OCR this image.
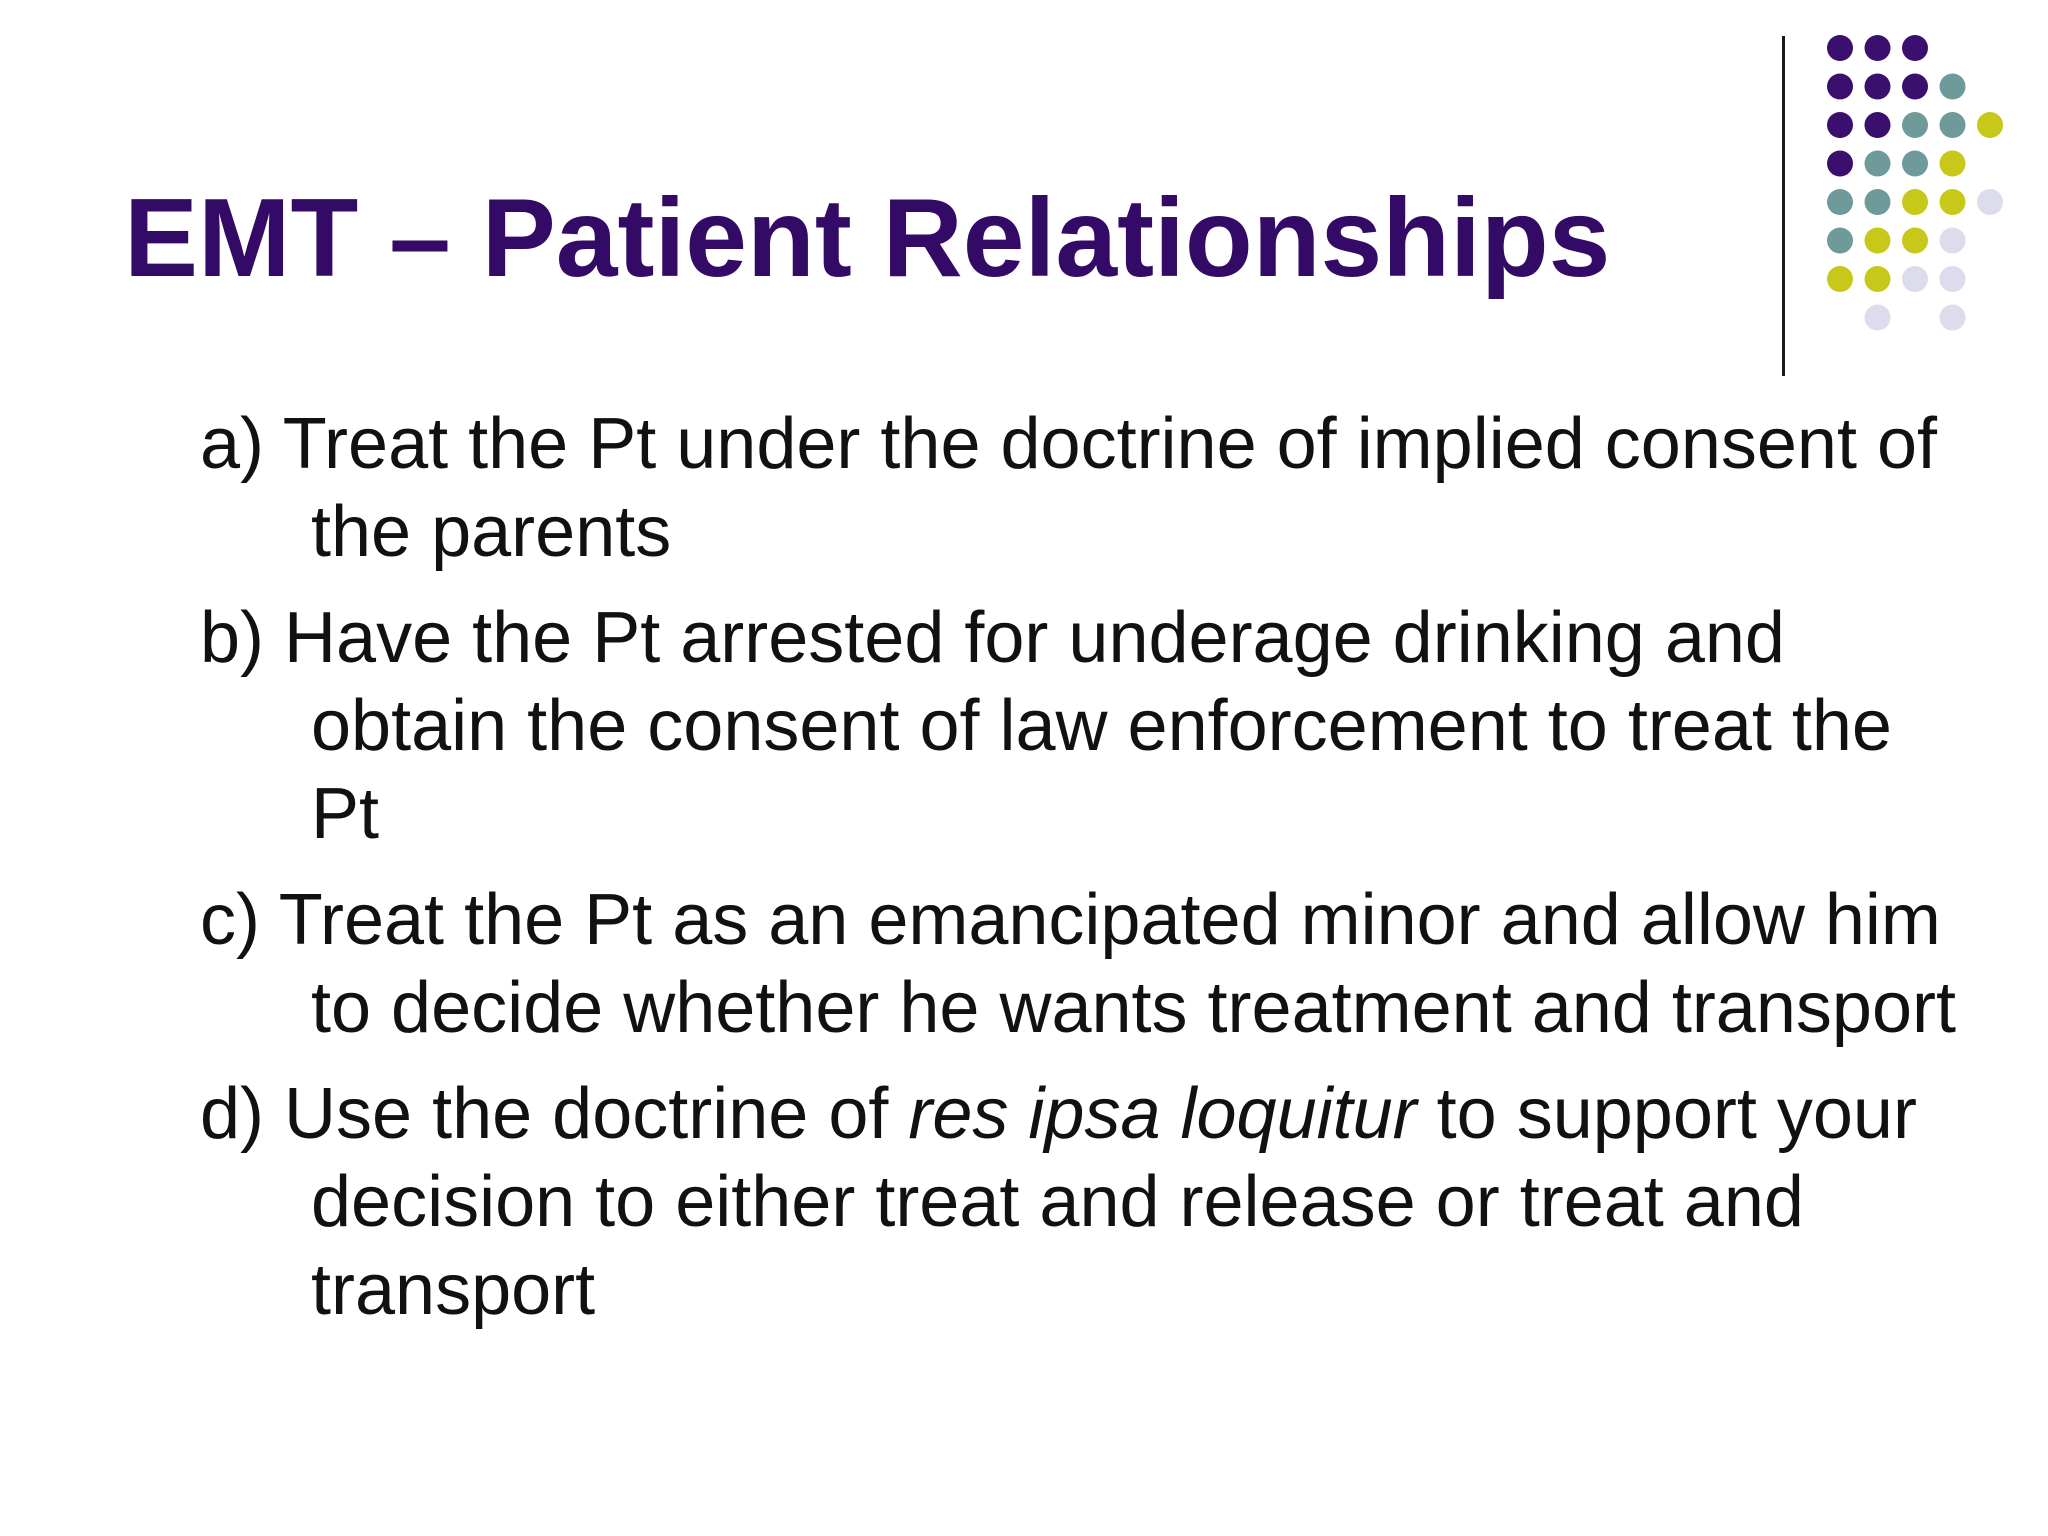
EMT – Patient Relationships
a) Treat the Pt under the doctrine of implied consent of the parents
b) Have the Pt arrested for underage drinking and obtain the consent of law enforcement to treat the Pt
c) Treat the Pt as an emancipated minor and allow him to decide whether he wants treatment and transport
d) Use the doctrine of res ipsa loquitur to support your decision to either treat and release or treat and transport
